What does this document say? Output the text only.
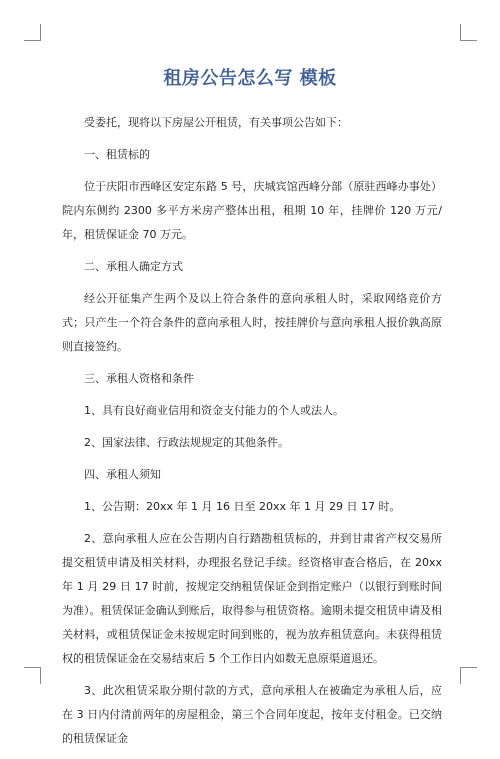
租房公告怎么写 模板

受委托，现将以下房屋公开租赁，有关事项公告如下：

一、租赁标的

位于庆阳市西峰区安定东路 5 号，庆城宾馆西峰分部（原驻西峰办事处）院内东侧约 2300 多平方米房产整体出租，租期 10 年，挂牌价 120 万元/年，租赁保证金 70 万元。

二、承租人确定方式

经公开征集产生两个及以上符合条件的意向承租人时，采取网络竞价方式；只产生一个符合条件的意向承租人时，按挂牌价与意向承租人报价孰高原则直接签约。

三、承租人资格和条件

1、具有良好商业信用和资金支付能力的个人或法人。

2、国家法律、行政法规规定的其他条件。

四、承租人须知

1、公告期：20xx 年 1 月 16 日至 20xx 年 1 月 29 日 17 时。

2、意向承租人应在公告期内自行踏勘租赁标的，并到甘肃省产权交易所提交租赁申请及相关材料，办理报名登记手续。经资格审查合格后，在 20xx 年 1 月 29 日 17 时前，按规定交纳租赁保证金到指定账户（以银行到账时间为准）。租赁保证金确认到账后，取得参与租赁资格。逾期未提交租赁申请及相关材料，或租赁保证金未按规定时间到账的，视为放弃租赁意向。未获得租赁权的租赁保证金在交易结束后 5 个工作日内如数无息原渠道退还。

3、此次租赁采取分期付款的方式，意向承租人在被确定为承租人后，应在 3 日内付清前两年的房屋租金，第三个合同年度起，按年支付租金。已交纳的租赁保证金
